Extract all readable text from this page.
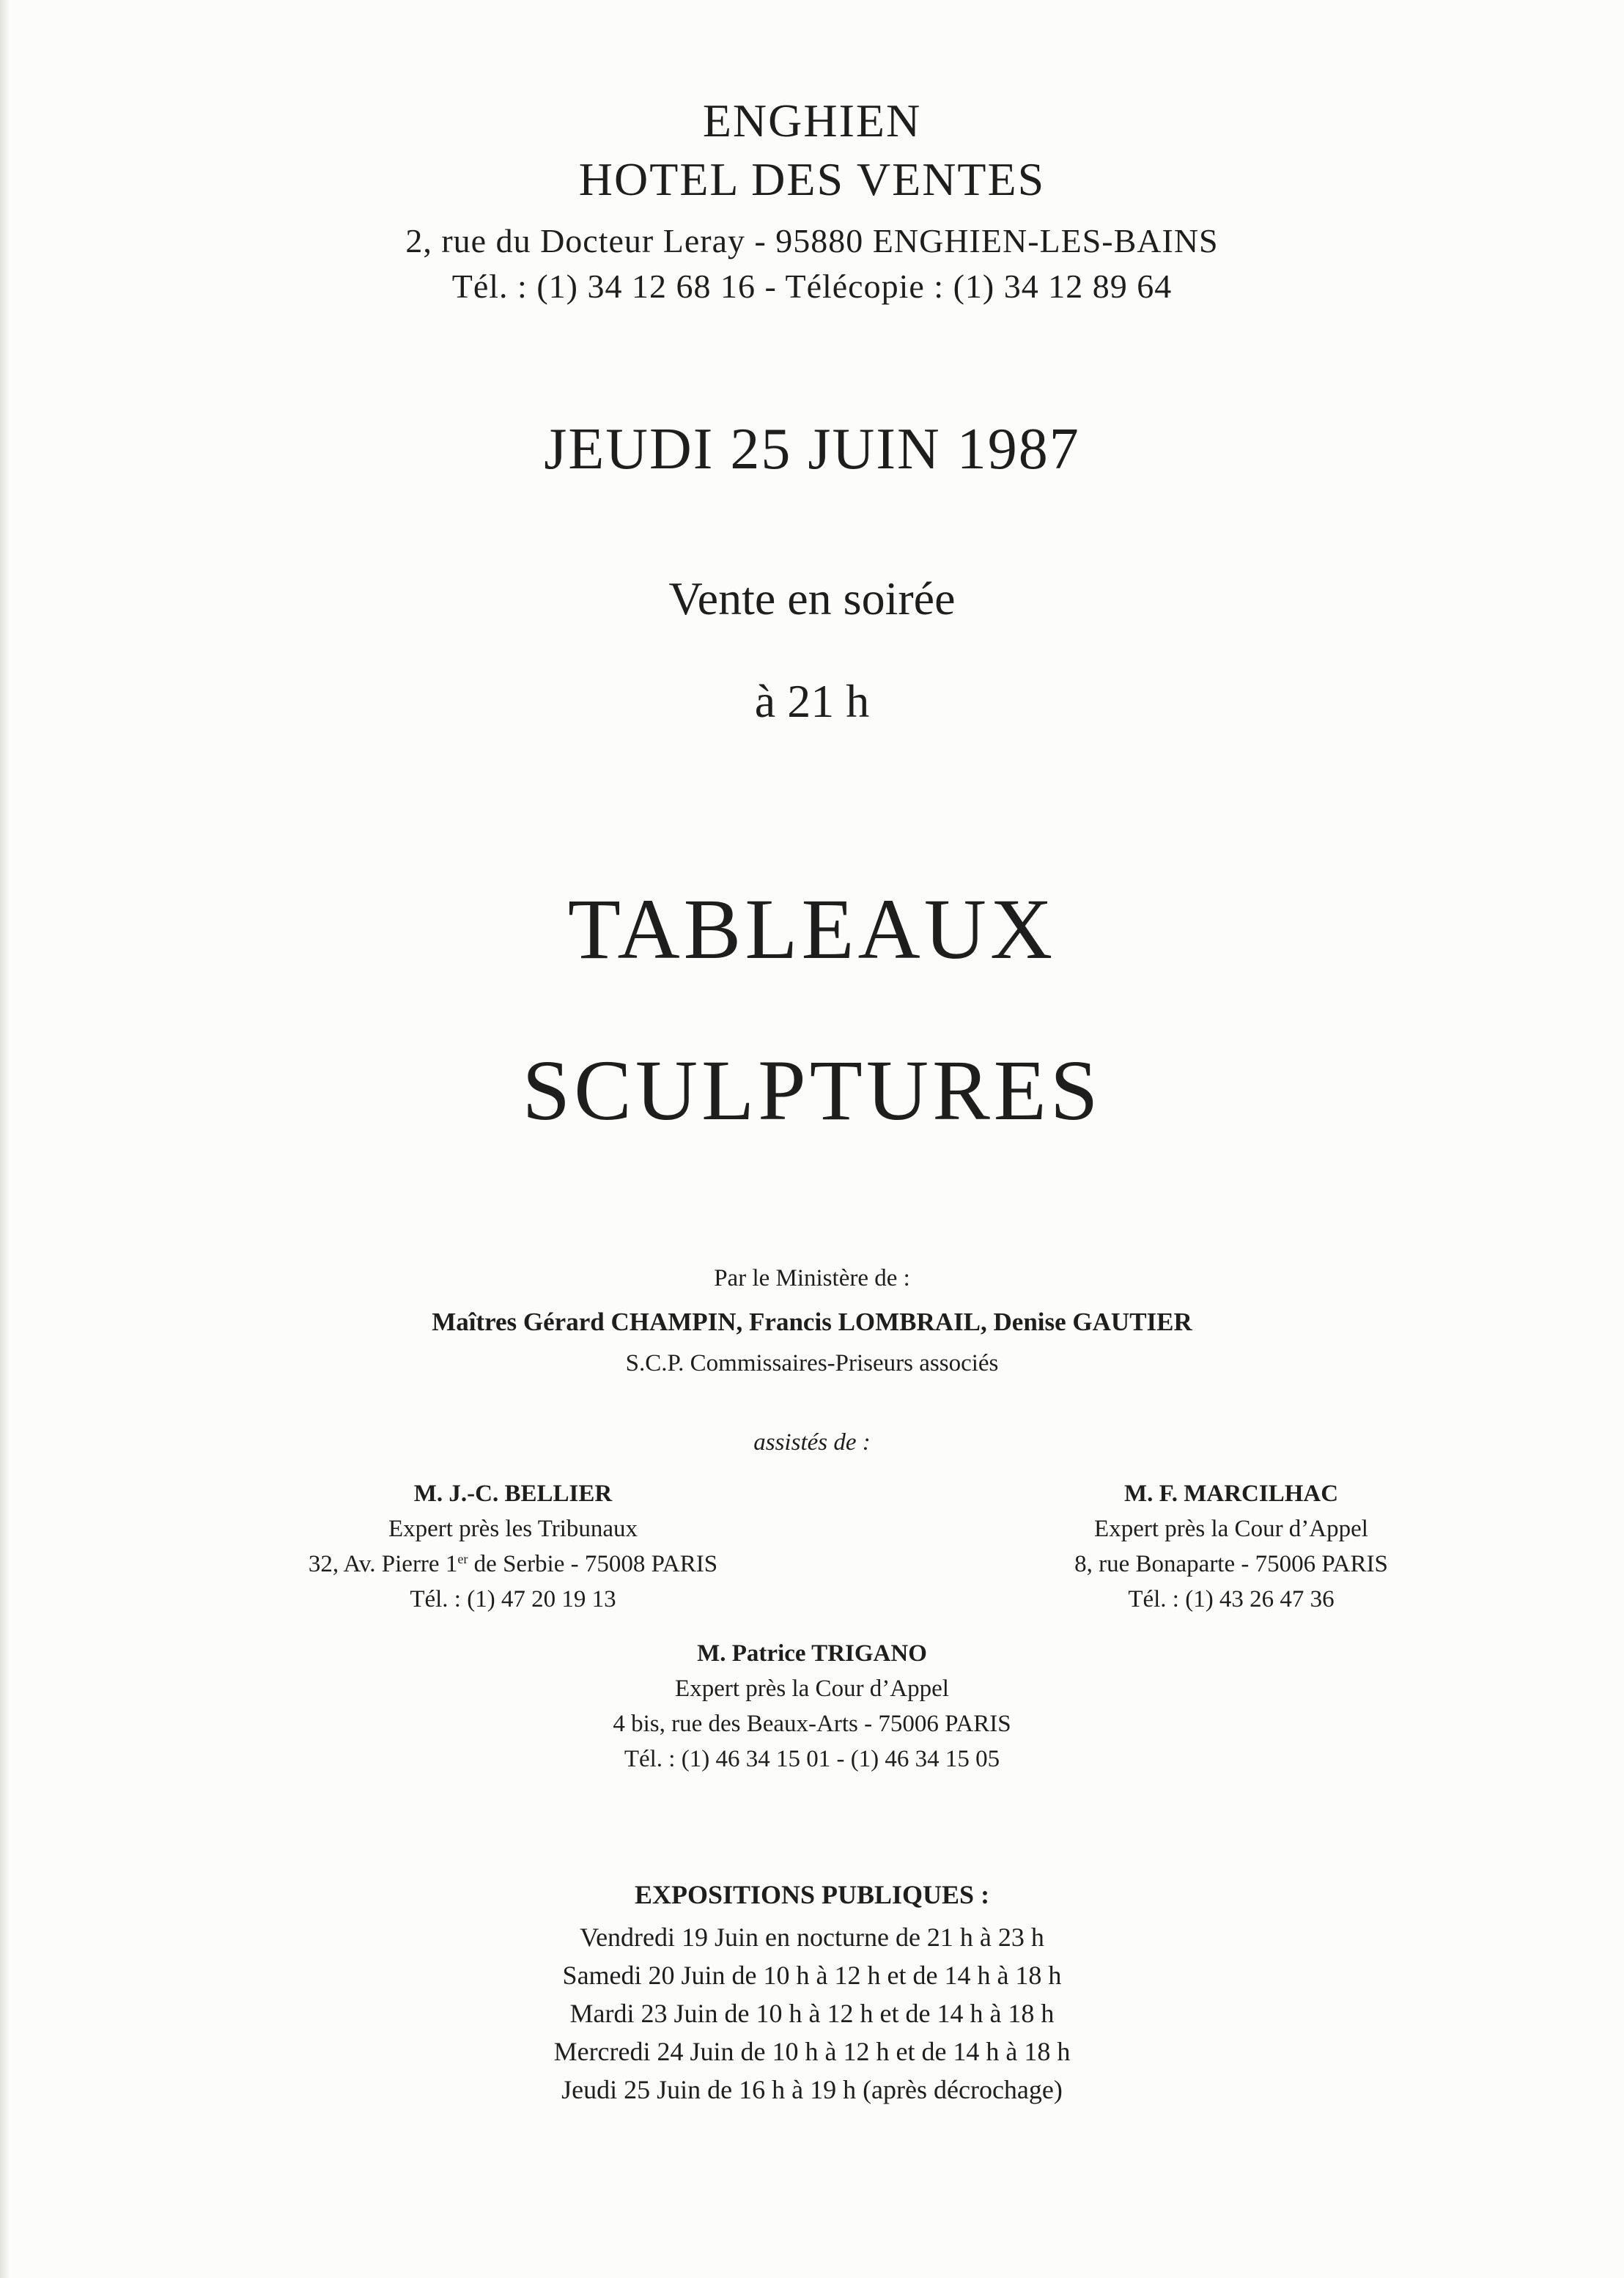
ENGHIEN
HOTEL DES VENTES
2, rue du Docteur Leray - 95880 ENGHIEN-LES-BAINS
Tél. : (1) 34 12 68 16 - Télécopie : (1) 34 12 89 64
JEUDI 25 JUIN 1987
Vente en soirée
à 21 h
TABLEAUX
SCULPTURES
Par le Ministère de :
Maîtres Gérard CHAMPIN, Francis LOMBRAIL, Denise GAUTIER
S.C.P. Commissaires-Priseurs associés
assistés de :
M. J.-C. BELLIER
Expert près les Tribunaux
32, Av. Pierre 1er de Serbie - 75008 PARIS
Tél. : (1) 47 20 19 13
M. F. MARCILHAC
Expert près la Cour d’Appel
8, rue Bonaparte - 75006 PARIS
Tél. : (1) 43 26 47 36
M. Patrice TRIGANO
Expert près la Cour d’Appel
4 bis, rue des Beaux-Arts - 75006 PARIS
Tél. : (1) 46 34 15 01 - (1) 46 34 15 05
EXPOSITIONS PUBLIQUES :
Vendredi 19 Juin en nocturne de 21 h à 23 h
Samedi 20 Juin de 10 h à 12 h et de 14 h à 18 h
Mardi 23 Juin de 10 h à 12 h et de 14 h à 18 h
Mercredi 24 Juin de 10 h à 12 h et de 14 h à 18 h
Jeudi 25 Juin de 16 h à 19 h (après décrochage)
